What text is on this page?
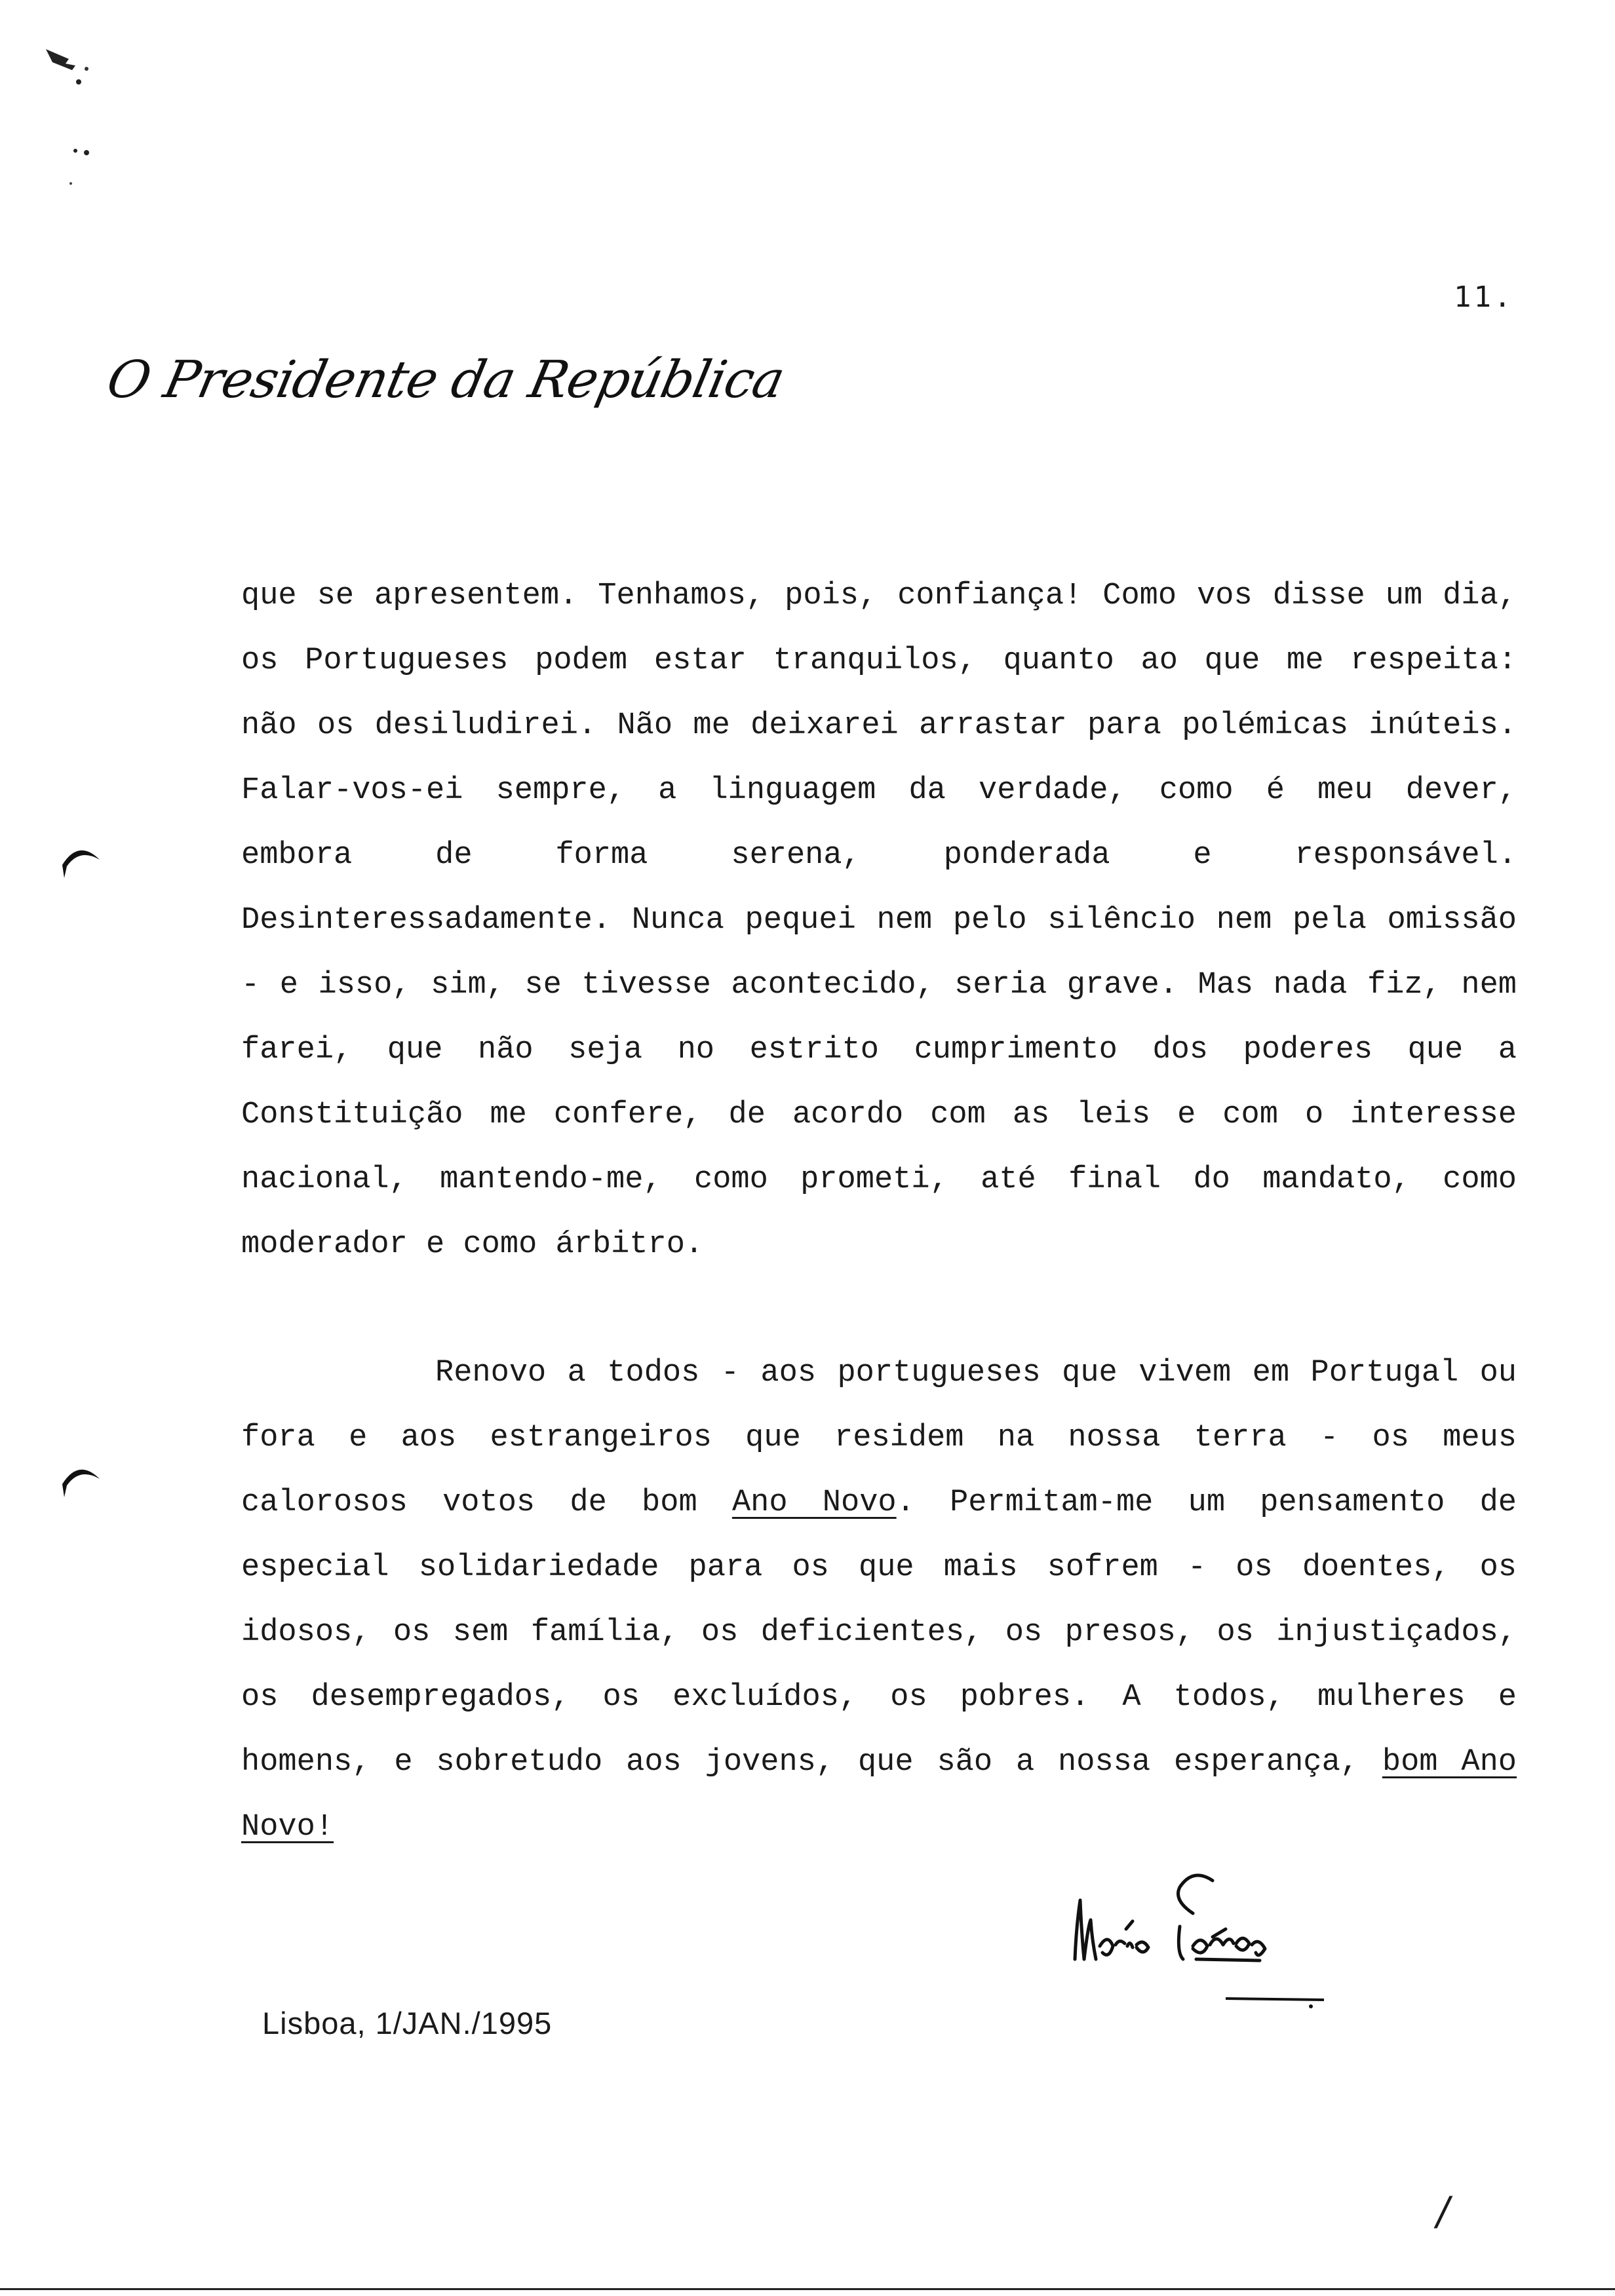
11.
O Presidente da República
que se apresentem. Tenhamos, pois, confiança! Como vos disse um dia, os Portugueses podem estar tranquilos, quanto ao que me respeita: não os desiludirei. Não me deixarei arrastar para polémicas inúteis. Falar-vos-ei sempre, a linguagem da verdade, como é meu dever, embora de forma serena, ponderada e responsável. Desinteressadamente. Nunca pequei nem pelo silêncio nem pela omissão - e isso, sim, se tivesse acontecido, seria grave. Mas nada fiz, nem farei, que não seja no estrito cumprimento dos poderes que a Constituição me confere, de acordo com as leis e com o interesse nacional, mantendo-me, como prometi, até final do mandato, como moderador e como árbitro.
Renovo a todos - aos portugueses que vivem em Portugal ou fora e aos estrangeiros que residem na nossa terra - os meus calorosos votos de bom Ano Novo. Permitam-me um pensamento de especial solidariedade para os que mais sofrem - os doentes, os idosos, os sem família, os deficientes, os presos, os injustiçados, os desempregados, os excluídos, os pobres. A todos, mulheres e homens, e sobretudo aos jovens, que são a nossa esperança, bom Ano Novo!
Lisboa, 1/JAN./1995
/
